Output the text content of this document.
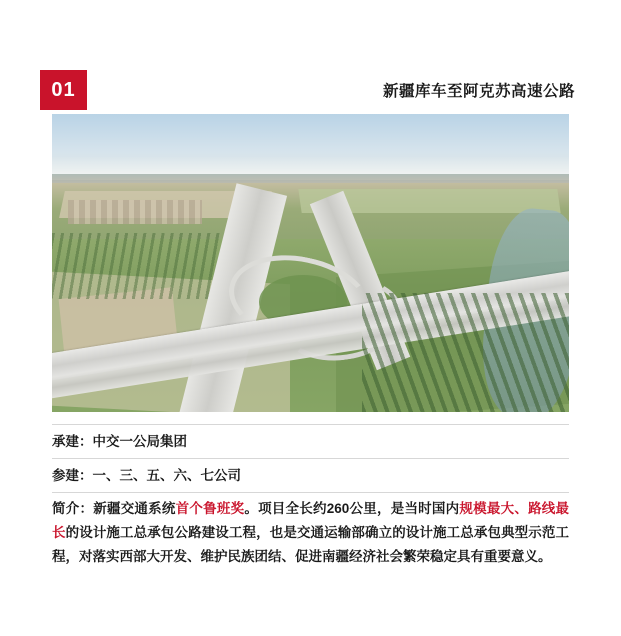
01	新疆库车至阿克苏高速公路
承建：中交一公局集团
参建：一、三、五、六、七公司
简介：新疆交通系统首个鲁班奖。项目全长约260公里，是当时国内规模最大、路线最长的设计施工总承包公路建设工程，也是交通运输部确立的设计施工总承包典型示范工程，对落实西部大开发、维护民族团结、促进南疆经济社会繁荣稳定具有重要意义。
